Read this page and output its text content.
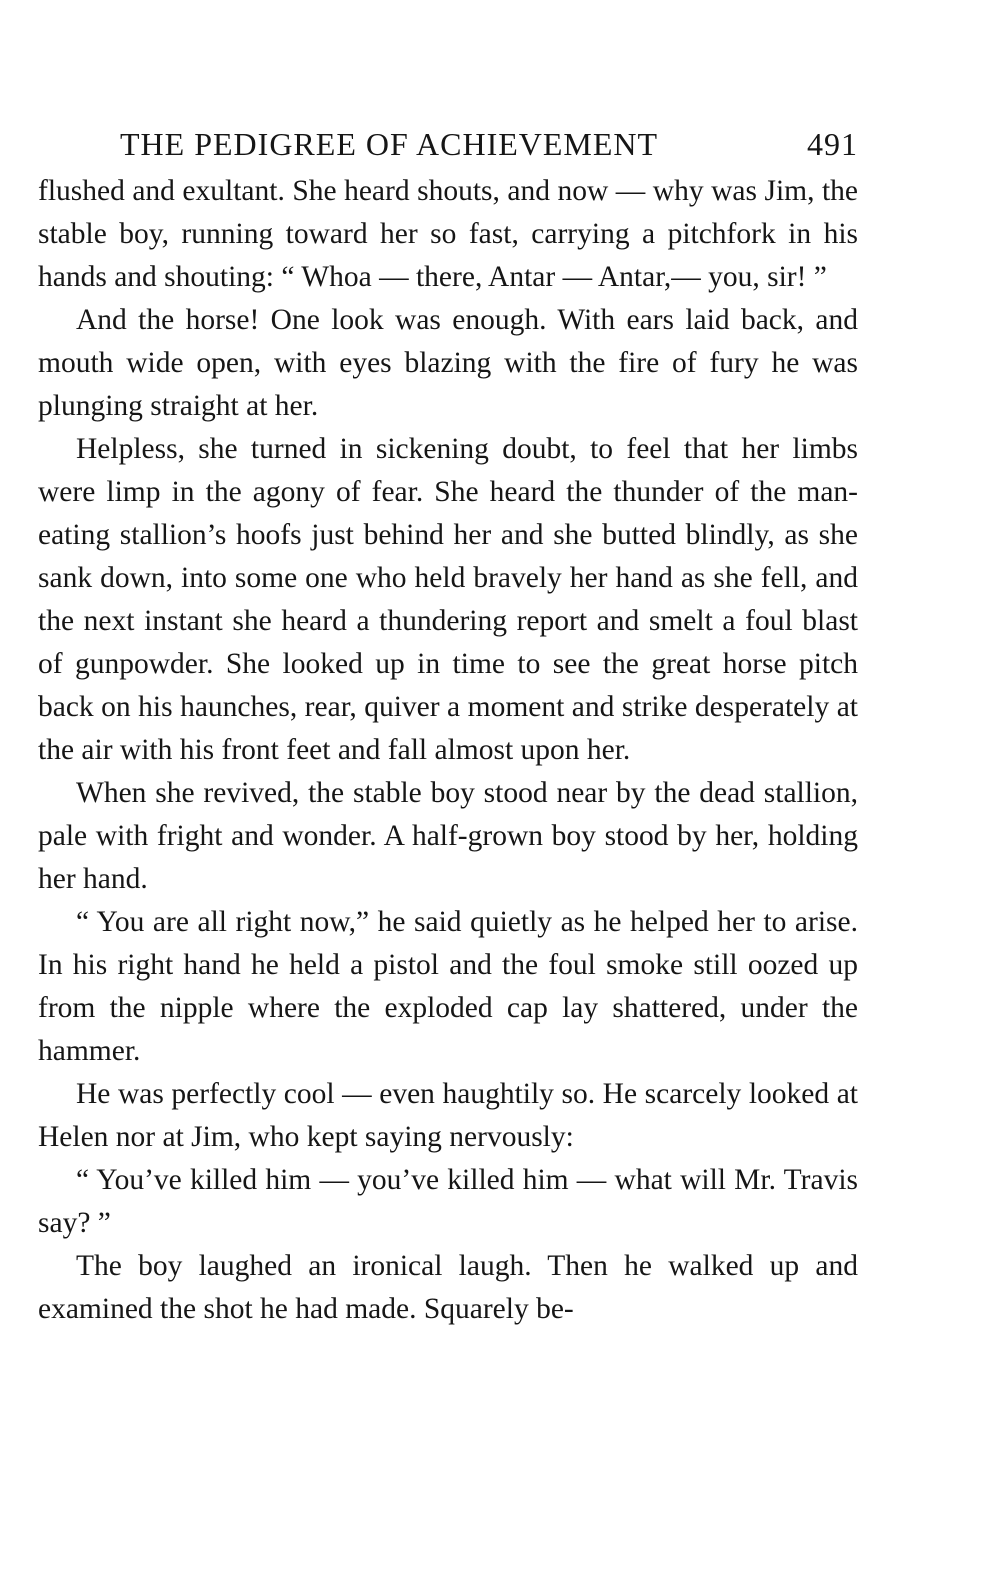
THE PEDIGREE OF ACHIEVEMENT	491

flushed and exultant. She heard shouts, and now — why was Jim, the stable boy, running toward her so fast, carrying a pitchfork in his hands and shouting: “ Whoa — there, Antar — Antar,— you, sir! ”

And the horse! One look was enough. With ears laid back, and mouth wide open, with eyes blazing with the fire of fury he was plunging straight at her.

Helpless, she turned in sickening doubt, to feel that her limbs were limp in the agony of fear. She heard the thunder of the man-eating stallion’s hoofs just behind her and she butted blindly, as she sank down, into some one who held bravely her hand as she fell, and the next instant she heard a thundering report and smelt a foul blast of gunpowder. She looked up in time to see the great horse pitch back on his haunches, rear, quiver a moment and strike desperately at the air with his front feet and fall almost upon her.

When she revived, the stable boy stood near by the dead stallion, pale with fright and wonder. A half-grown boy stood by her, holding her hand.

“ You are all right now,” he said quietly as he helped her to arise. In his right hand he held a pistol and the foul smoke still oozed up from the nipple where the exploded cap lay shattered, under the hammer.

He was perfectly cool — even haughtily so. He scarcely looked at Helen nor at Jim, who kept saying nervously:

“ You’ve killed him — you’ve killed him — what will Mr. Travis say? ”

The boy laughed an ironical laugh. Then he walked up and examined the shot he had made. Squarely be-
